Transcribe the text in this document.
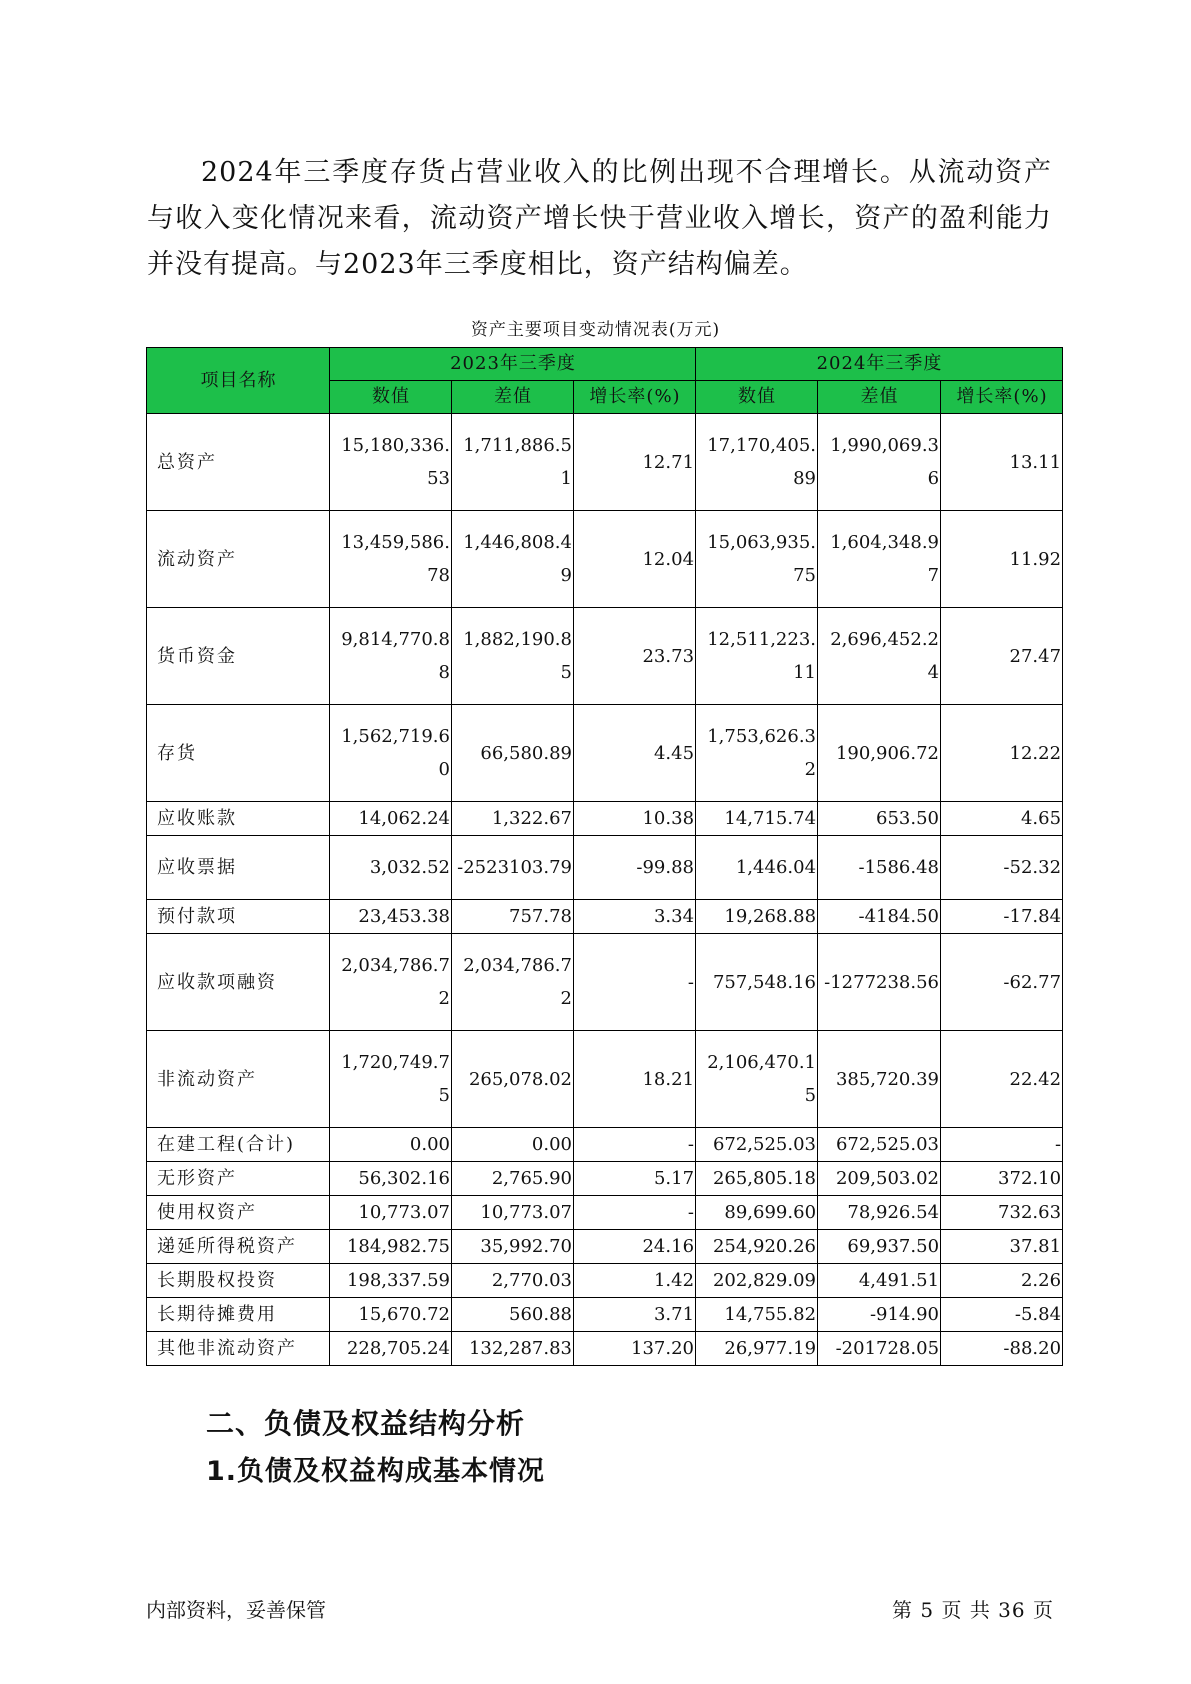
2024年三季度存货占营业收入的比例出现不合理增长。从流动资产与收入变化情况来看，流动资产增长快于营业收入增长，资产的盈利能力并没有提高。与2023年三季度相比，资产结构偏差。

资产主要项目变动情况表(万元)
项目名称	2023年三季度			2024年三季度		
	数值	差值	增长率(%)	数值	差值	增长率(%)
总资产	15,180,336.53	1,711,886.51	12.71	17,170,405.89	1,990,069.36	13.11
流动资产	13,459,586.78	1,446,808.49	12.04	15,063,935.75	1,604,348.97	11.92
货币资金	9,814,770.88	1,882,190.85	23.73	12,511,223.11	2,696,452.24	27.47
存货	1,562,719.60	66,580.89	4.45	1,753,626.32	190,906.72	12.22
应收账款	14,062.24	1,322.67	10.38	14,715.74	653.50	4.65
应收票据	3,032.52	-2523103.79	-99.88	1,446.04	-1586.48	-52.32
预付款项	23,453.38	757.78	3.34	19,268.88	-4184.50	-17.84
应收款项融资	2,034,786.72	2,034,786.72	-	757,548.16	-1277238.56	-62.77
非流动资产	1,720,749.75	265,078.02	18.21	2,106,470.15	385,720.39	22.42
在建工程(合计)	0.00	0.00	-	672,525.03	672,525.03	-
无形资产	56,302.16	2,765.90	5.17	265,805.18	209,503.02	372.10
使用权资产	10,773.07	10,773.07	-	89,699.60	78,926.54	732.63
递延所得税资产	184,982.75	35,992.70	24.16	254,920.26	69,937.50	37.81
长期股权投资	198,337.59	2,770.03	1.42	202,829.09	4,491.51	2.26
长期待摊费用	15,670.72	560.88	3.71	14,755.82	-914.90	-5.84
其他非流动资产	228,705.24	132,287.83	137.20	26,977.19	-201728.05	-88.20
二、负债及权益结构分析
1.负债及权益构成基本情况
内部资料，妥善保管	第 5 页 共 36 页
